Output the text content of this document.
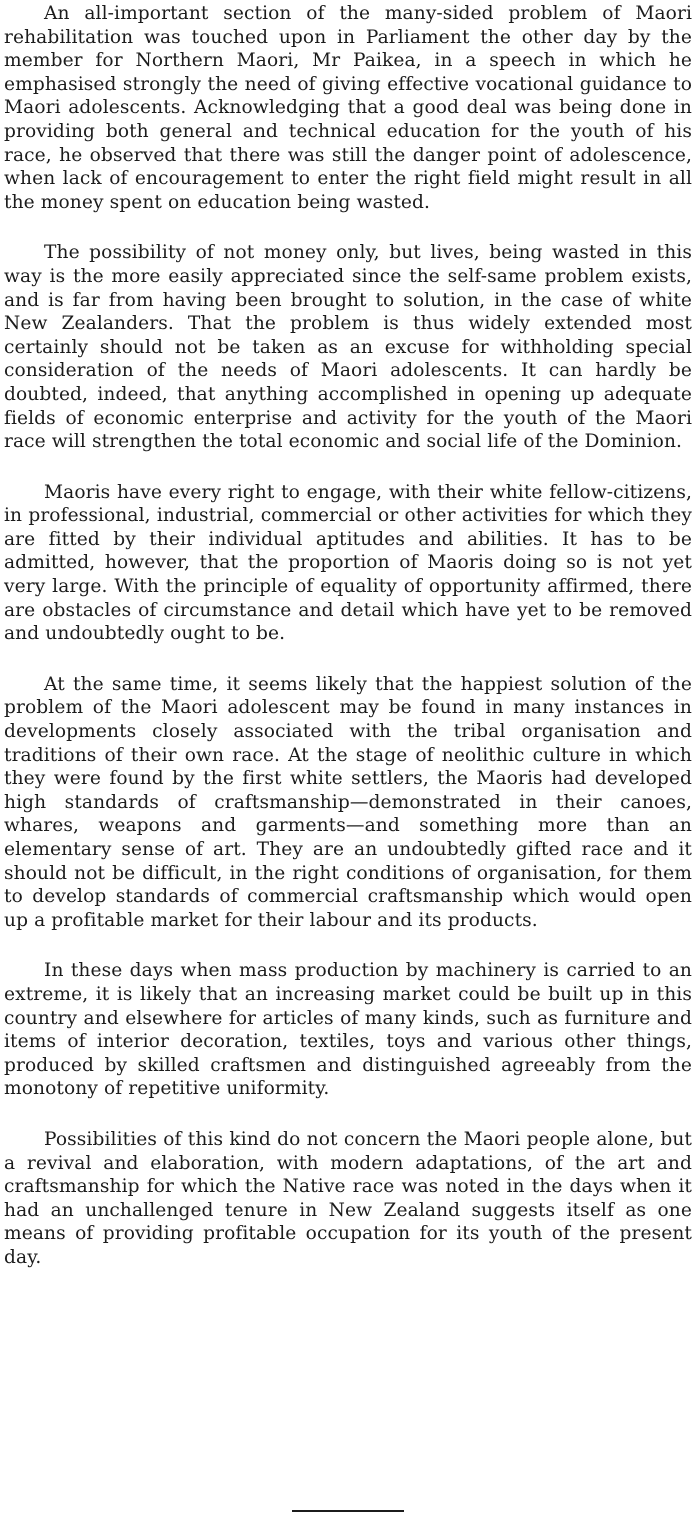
An all-important section of the many-sided problem of Maori rehabilitation was touched upon in Parliament the other day by the member for Northern Maori, Mr Paikea, in a speech in which he emphasised strongly the need of giving effective vocational guidance to Maori adolescents. Acknowledging that a good deal was being done in providing both general and technical education for the youth of his race, he observed that there was still the danger point of adolescence, when lack of encouragement to enter the right field might result in all the money spent on education being wasted.

The possibility of not money only, but lives, being wasted in this way is the more easily appreciated since the self-same problem exists, and is far from having been brought to solution, in the case of white New Zealanders. That the problem is thus widely extended most certainly should not be taken as an excuse for withholding special consideration of the needs of Maori adolescents. It can hardly be doubted, indeed, that anything accomplished in opening up adequate fields of economic enterprise and activity for the youth of the Maori race will strengthen the total economic and social life of the Dominion.

Maoris have every right to engage, with their white fellow-citizens, in professional, industrial, commercial or other activities for which they are fitted by their individual aptitudes and abilities. It has to be admitted, however, that the proportion of Maoris doing so is not yet very large. With the principle of equality of opportunity affirmed, there are obstacles of circumstance and detail which have yet to be removed and undoubtedly ought to be.

At the same time, it seems likely that the happiest solution of the problem of the Maori adolescent may be found in many instances in developments closely associated with the tribal organisation and traditions of their own race. At the stage of neolithic culture in which they were found by the first white settlers, the Maoris had developed high standards of craftsmanship—demonstrated in their canoes, whares, weapons and garments—and something more than an elementary sense of art. They are an undoubtedly gifted race and it should not be difficult, in the right conditions of organisation, for them to develop standards of commercial craftsmanship which would open up a profitable market for their labour and its products.

In these days when mass production by machinery is carried to an extreme, it is likely that an increasing market could be built up in this country and elsewhere for articles of many kinds, such as furniture and items of interior decoration, textiles, toys and various other things, produced by skilled craftsmen and distinguished agreeably from the monotony of repetitive uniformity.

Possibilities of this kind do not concern the Maori people alone, but a revival and elaboration, with modern adaptations, of the art and craftsmanship for which the Native race was noted in the days when it had an unchallenged tenure in New Zealand suggests itself as one means of providing profitable occupation for its youth of the present day.
